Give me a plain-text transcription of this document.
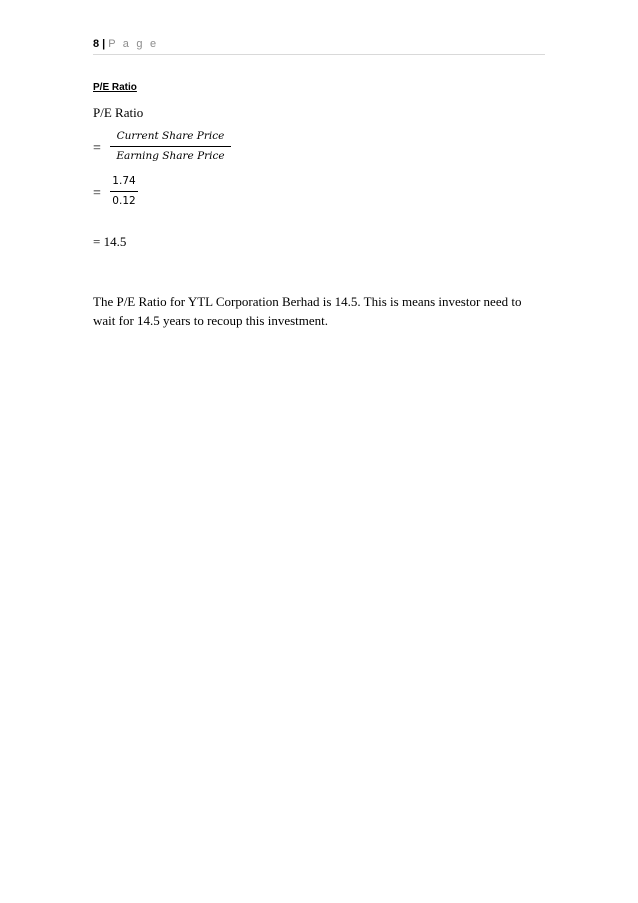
8 | P a g e
P/E Ratio
P/E Ratio
=
Current Share Price
Earning Share Price
=
1.74
0.12
= 14.5
The P/E Ratio for YTL Corporation Berhad is 14.5. This is means investor need to wait for 14.5 years to recoup this investment.
